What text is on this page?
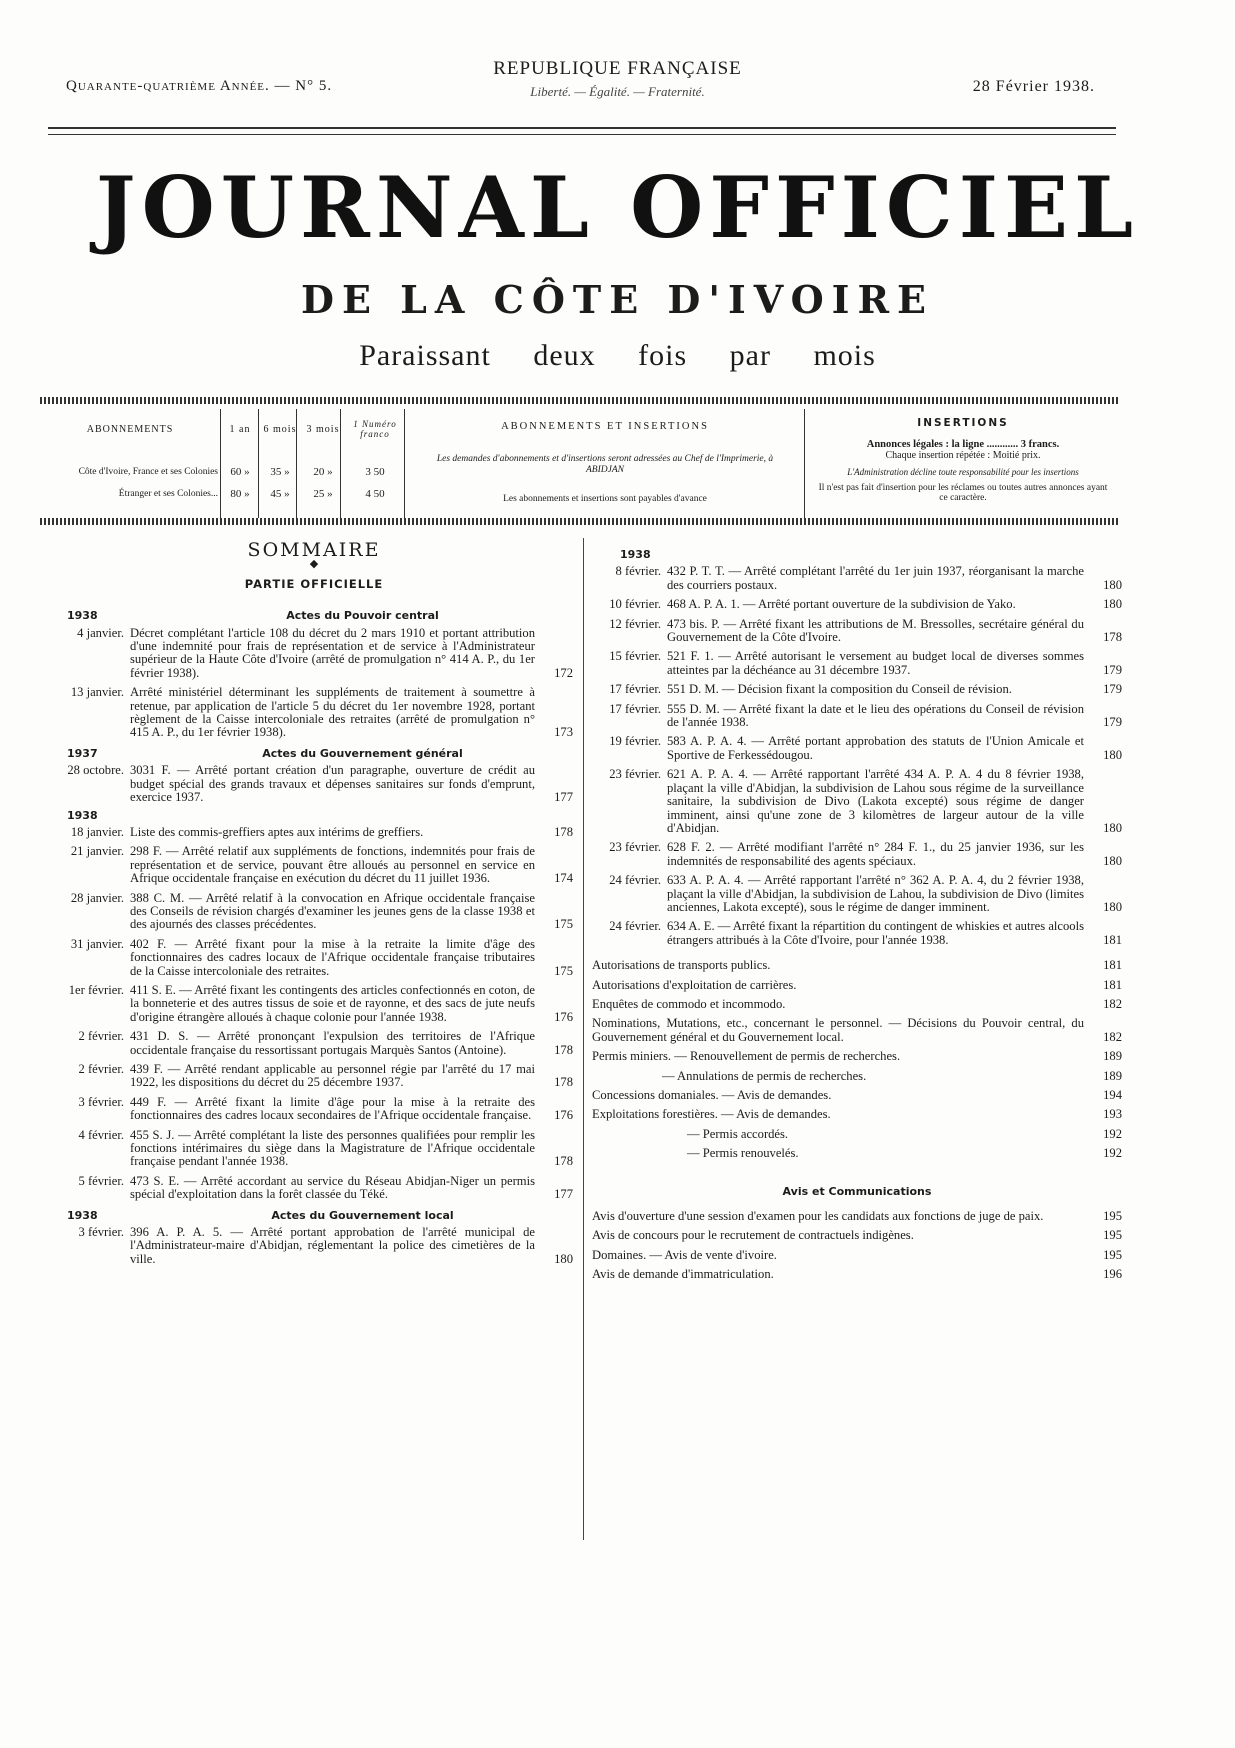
Quarante-quatrième Année. — N° 5.
REPUBLIQUE FRANÇAISE
Liberté. — Égalité. — Fraternité.	28 Février 1938.
JOURNAL OFFICIEL
DE LA CÔTE D'IVOIRE
Paraissant deux fois par mois
ABONNEMENTS	1 an	6 mois	3 mois	1 Numéro franco
Côte d'Ivoire, France et ses Colonies	60 »	35 »	20 »	3 50
Étranger et ses Colonies...	80 »	45 »	25 »	4 50
ABONNEMENTS ET INSERTIONS
Les demandes d'abonnements et d'insertions seront adressées au Chef de l'Imprimerie, à ABIDJAN
Les abonnements et insertions sont payables d'avance
INSERTIONS
Annonces légales : la ligne ............ 3 francs.
Chaque insertion répétée : Moitié prix.
L'Administration décline toute responsabilité pour les insertions
Il n'est pas fait d'insertion pour les réclames ou toutes autres annonces ayant ce caractère.
SOMMAIRE
◆
PARTIE OFFICIELLE
1938	Actes du Pouvoir central
4 janvier. Décret complétant l'article 108 du décret du 2 mars 1910 et portant attribution d'une indemnité pour frais de représentation et de service à l'Administrateur supérieur de la Haute Côte d'Ivoire (arrêté de promulgation n° 414 A. P., du 1er février 1938).	172
13 janvier. Arrêté ministériel déterminant les suppléments de traitement à soumettre à retenue, par application de l'article 5 du décret du 1er novembre 1928, portant règlement de la Caisse intercoloniale des retraites (arrêté de promulgation n° 415 A. P., du 1er février 1938).	173
1937	Actes du Gouvernement général
28 octobre. 3031 F. — Arrêté portant création d'un paragraphe, ouverture de crédit au budget spécial des grands travaux et dépenses sanitaires sur fonds d'emprunt, exercice 1937.	177
1938
18 janvier. Liste des commis-greffiers aptes aux intérims de greffiers.	178
21 janvier. 298 F. — Arrêté relatif aux suppléments de fonctions, indemnités pour frais de représentation et de service, pouvant être alloués au personnel en service en Afrique occidentale française en exécution du décret du 11 juillet 1936.	174
28 janvier. 388 C. M. — Arrêté relatif à la convocation en Afrique occidentale française des Conseils de révision chargés d'examiner les jeunes gens de la classe 1938 et des ajournés des classes précédentes.	175
31 janvier. 402 F. — Arrêté fixant pour la mise à la retraite la limite d'âge des fonctionnaires des cadres locaux de l'Afrique occidentale française tributaires de la Caisse intercoloniale des retraites.	175
1er février. 411 S. E. — Arrêté fixant les contingents des articles confectionnés en coton, de la bonneterie et des autres tissus de soie et de rayonne, et des sacs de jute neufs d'origine étrangère alloués à chaque colonie pour l'année 1938.	176
2 février. 431 D. S. — Arrêté prononçant l'expulsion des territoires de l'Afrique occidentale française du ressortissant portugais Marquès Santos (Antoine).	178
2 février. 439 F. — Arrêté rendant applicable au personnel régie par l'arrêté du 17 mai 1922, les dispositions du décret du 25 décembre 1937.	178
3 février. 449 F. — Arrêté fixant la limite d'âge pour la mise à la retraite des fonctionnaires des cadres locaux secondaires de l'Afrique occidentale française.	176
4 février. 455 S. J. — Arrêté complétant la liste des personnes qualifiées pour remplir les fonctions intérimaires du siège dans la Magistrature de l'Afrique occidentale française pendant l'année 1938.	178
5 février. 473 S. E. — Arrêté accordant au service du Réseau Abidjan-Niger un permis spécial d'exploitation dans la forêt classée du Téké.	177
1938	Actes du Gouvernement local
3 février. 396 A. P. A. 5. — Arrêté portant approbation de l'arrêté municipal de l'Administrateur-maire d'Abidjan, réglementant la police des cimetières de la ville.	180
1938
8 février. 432 P. T. T. — Arrêté complétant l'arrêté du 1er juin 1937, réorganisant la marche des courriers postaux.	180
10 février. 468 A. P. A. 1. — Arrêté portant ouverture de la subdivision de Yako.	180
12 février. 473 bis. P. — Arrêté fixant les attributions de M. Bressolles, secrétaire général du Gouvernement de la Côte d'Ivoire.	178
15 février. 521 F. 1. — Arrêté autorisant le versement au budget local de diverses sommes atteintes par la déchéance au 31 décembre 1937.	179
17 février. 551 D. M. — Décision fixant la composition du Conseil de révision.	179
17 février. 555 D. M. — Arrêté fixant la date et le lieu des opérations du Conseil de révision de l'année 1938.	179
19 février. 583 A. P. A. 4. — Arrêté portant approbation des statuts de l'Union Amicale et Sportive de Ferkessédougou.	180
23 février. 621 A. P. A. 4. — Arrêté rapportant l'arrêté 434 A. P. A. 4 du 8 février 1938, plaçant la ville d'Abidjan, la subdivision de Lahou sous régime de la surveillance sanitaire, la subdivision de Divo (Lakota excepté) sous régime de danger imminent, ainsi qu'une zone de 3 kilomètres de largeur autour de la ville d'Abidjan.	180
23 février. 628 F. 2. — Arrêté modifiant l'arrêté n° 284 F. 1., du 25 janvier 1936, sur les indemnités de responsabilité des agents spéciaux.	180
24 février. 633 A. P. A. 4. — Arrêté rapportant l'arrêté n° 362 A. P. A. 4, du 2 février 1938, plaçant la ville d'Abidjan, la subdivision de Lahou, la subdivision de Divo (limites anciennes, Lakota excepté), sous le régime de danger imminent.	180
24 février. 634 A. E. — Arrêté fixant la répartition du contingent de whiskies et autres alcools étrangers attribués à la Côte d'Ivoire, pour l'année 1938.	181
Autorisations de transports publics.	181
Autorisations d'exploitation de carrières.	181
Enquêtes de commodo et incommodo.	182
Nominations, Mutations, etc., concernant le personnel. — Décisions du Pouvoir central, du Gouvernement général et du Gouvernement local.	182
Permis miniers. — Renouvellement de permis de recherches.	189
— Annulations de permis de recherches.	189
Concessions domaniales. — Avis de demandes.	194
Exploitations forestières. — Avis de demandes.	193
— Permis accordés.	192
— Permis renouvelés.	192
Avis et Communications
Avis d'ouverture d'une session d'examen pour les candidats aux fonctions de juge de paix.	195
Avis de concours pour le recrutement de contractuels indigènes.	195
Domaines. — Avis de vente d'ivoire.	195
Avis de demande d'immatriculation.	196
